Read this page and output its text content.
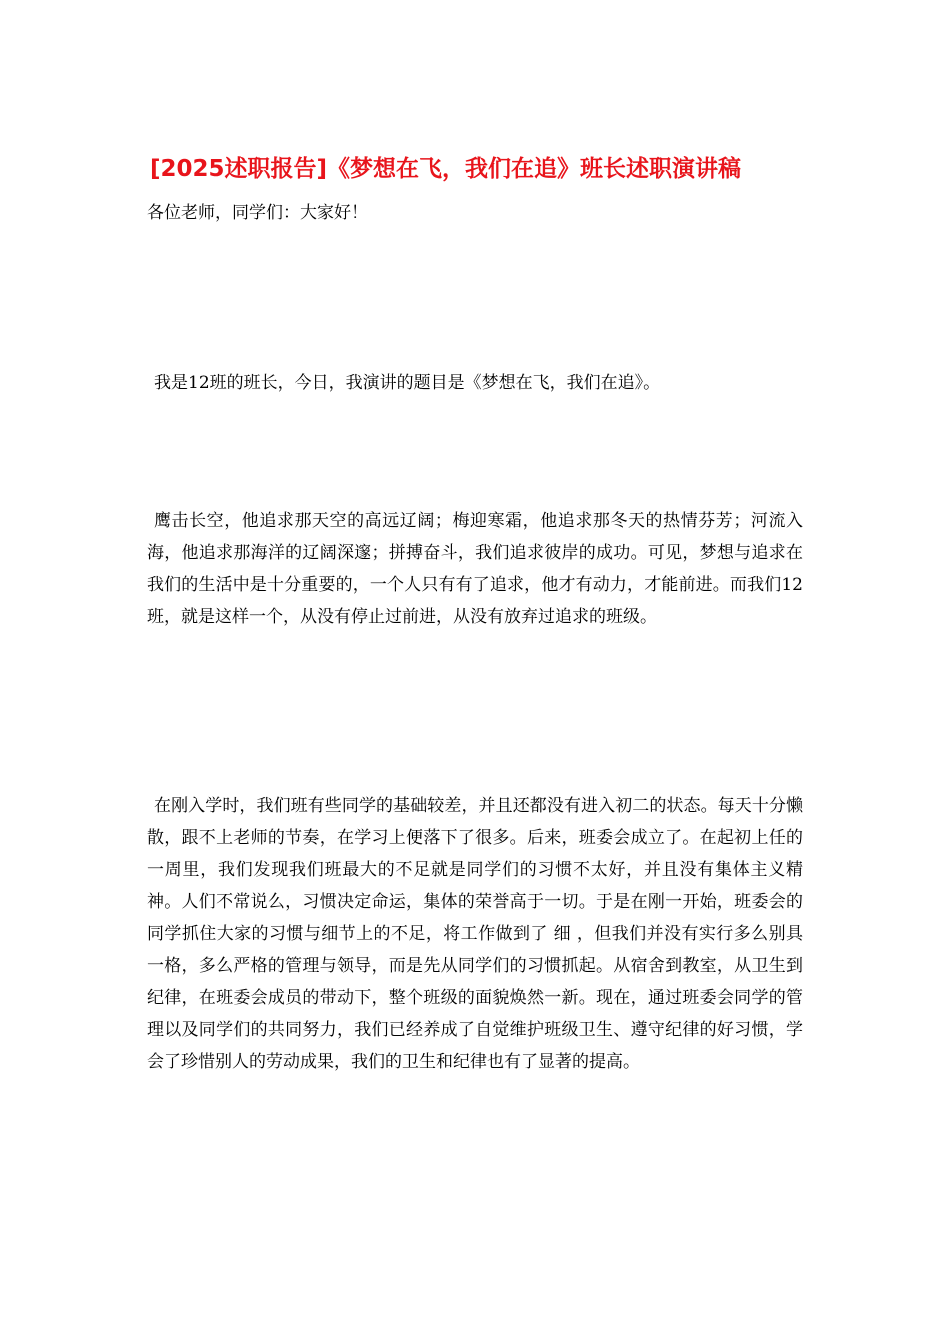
[2025述职报告]《梦想在飞，我们在追》班长述职演讲稿

各位老师，同学们：大家好！

我是12班的班长，今日，我演讲的题目是《梦想在飞，我们在追》。

鹰击长空，他追求那天空的高远辽阔；梅迎寒霜，他追求那冬天的热情芬芳；河流入海，他追求那海洋的辽阔深邃；拼搏奋斗，我们追求彼岸的成功。可见，梦想与追求在我们的生活中是十分重要的，一个人只有有了追求，他才有动力，才能前进。而我们12班，就是这样一个，从没有停止过前进，从没有放弃过追求的班级。

在刚入学时，我们班有些同学的基础较差，并且还都没有进入初二的状态。每天十分懒散，跟不上老师的节奏，在学习上便落下了很多。后来，班委会成立了。在起初上任的一周里，我们发现我们班最大的不足就是同学们的习惯不太好，并且没有集体主义精神。人们不常说么，习惯决定命运，集体的荣誉高于一切。于是在刚一开始，班委会的同学抓住大家的习惯与细节上的不足，将工作做到了 细 ，但我们并没有实行多么别具一格，多么严格的管理与领导，而是先从同学们的习惯抓起。从宿舍到教室，从卫生到纪律，在班委会成员的带动下，整个班级的面貌焕然一新。现在，通过班委会同学的管理以及同学们的共同努力，我们已经养成了自觉维护班级卫生、遵守纪律的好习惯，学会了珍惜别人的劳动成果，我们的卫生和纪律也有了显著的提高。
